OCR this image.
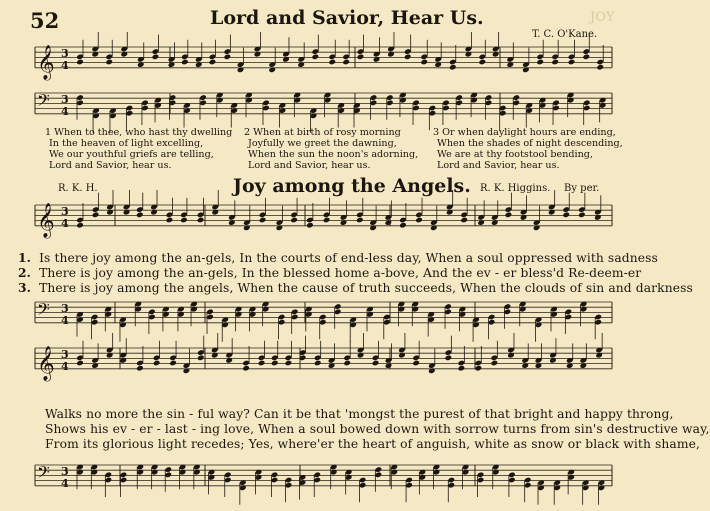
𝄞 3
4
𝄢 3
4
𝄞 3
4
𝄢 3
4
𝄞 3
4
𝄢 3
4
52	JOY
Lord and Savior, Hear Us.
T. C. O'Kane.
1 When to thee, who hast thy dwelling
In the heaven of light excelling,
We our youthful griefs are telling,
Lord and Savior, hear us.
2 When at birth of rosy morning
Joyfully we greet the dawning,
When the sun the noon's adorning,
Lord and Savior, hear us.
3 Or when daylight hours are ending,
When the shades of night descending,
We are at thy footstool bending,
Lord and Savior, hear us.
R. K. H.	Joy among the Angels. R. K. Higgins. By per.
1. Is there joy among the an-gels, In the courts of end-less day, When a soul oppressed with sadness
2. There is joy among the an-gels, In the blessed home a-bove, And the ev - er bless'd Re-deem-er
3. There is joy among the angels, When the cause of truth succeeds, When the clouds of sin and darkness
Walks no more the sin - ful way? Can it be that 'mongst the purest of that bright and happy throng,
Shows his ev - er - last - ing love, When a soul bowed down with sorrow turns from sin's destructive way,
From its glorious light recedes; Yes, where'er the heart of anguish, white as snow or black with shame,
